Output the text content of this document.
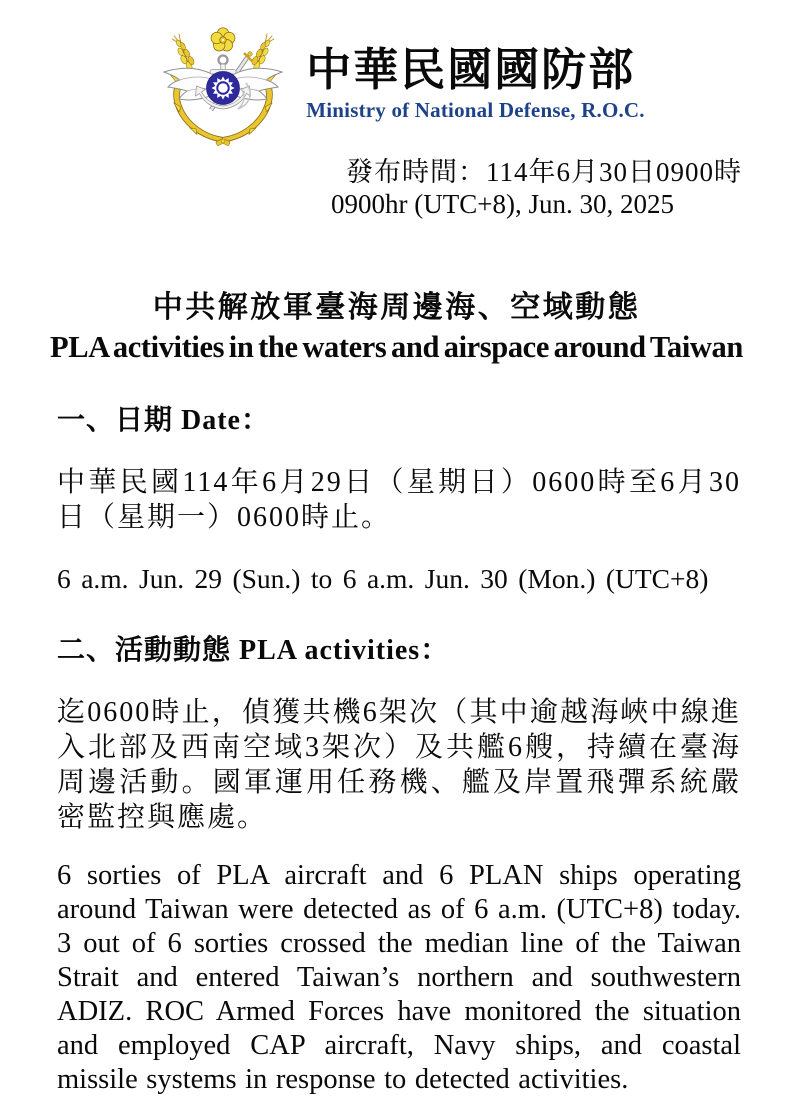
中華民國國防部
Ministry of National Defense, R.O.C.
發布時間：114年6月30日0900時
0900hr (UTC+8), Jun. 30, 2025
中共解放軍臺海周邊海、空域動態
PLA activities in the waters and airspace around Taiwan
一、日期 Date：
中華民國114年6月29日（星期日）0600時至6月30日（星期一）0600時止。
6 a.m. Jun. 29 (Sun.) to 6 a.m. Jun. 30 (Mon.) (UTC+8)
二、活動動態 PLA activities：
迄0600時止，偵獲共機6架次（其中逾越海峽中線進入北部及西南空域3架次）及共艦6艘，持續在臺海周邊活動。國軍運用任務機、艦及岸置飛彈系統嚴密監控與應處。
6 sorties of PLA aircraft and 6 PLAN ships operating around Taiwan were detected as of 6 a.m. (UTC+8) today. 3 out of 6 sorties crossed the median line of the Taiwan Strait and entered Taiwan’s northern and southwestern ADIZ. ROC Armed Forces have monitored the situation and employed CAP aircraft, Navy ships, and coastal missile systems in response to detected activities.
